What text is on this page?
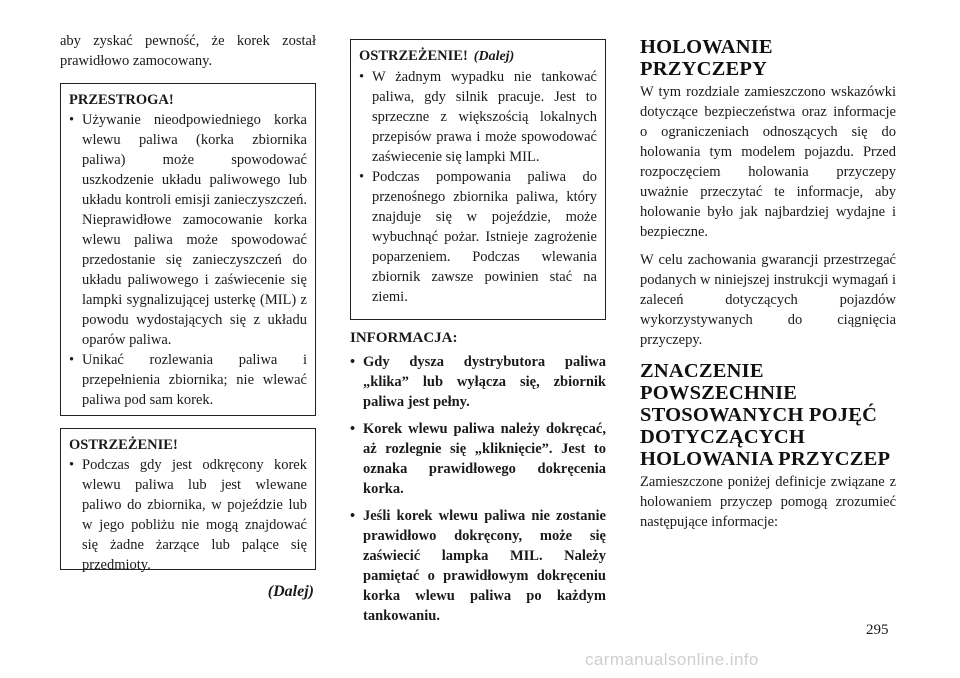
aby zyskać pewność, że korek został prawidłowo zamocowany.

PRZESTROGA!
• Używanie nieodpowiedniego korka wlewu paliwa (korka zbiornika paliwa) może spowodować uszkodzenie układu paliwowego lub układu kontroli emisji zanieczyszczeń. Nieprawidłowe zamocowanie korka wlewu paliwa może spowodować przedostanie się zanieczyszczeń do układu paliwowego i zaświecenie się lampki sygnalizującej usterkę (MIL) z powodu wydostających się z układu oparów paliwa.
• Unikać rozlewania paliwa i przepełnienia zbiornika; nie wlewać paliwa pod sam korek.
OSTRZEŻENIE!
• Podczas gdy jest odkręcony korek wlewu paliwa lub jest wlewane paliwo do zbiornika, w pojeździe lub w jego pobliżu nie mogą znajdować się żadne żarzące lub palące się przedmioty.
(Dalej)
OSTRZEŻENIE! (Dalej)
• W żadnym wypadku nie tankować paliwa, gdy silnik pracuje. Jest to sprzeczne z większością lokalnych przepisów prawa i może spowodować zaświecenie się lampki MIL.
• Podczas pompowania paliwa do przenośnego zbiornika paliwa, który znajduje się w pojeździe, może wybuchnąć pożar. Istnieje zagrożenie poparzeniem. Podczas wlewania zbiornik zawsze powinien stać na ziemi.
INFORMACJA:
• Gdy dysza dystrybutora paliwa „klika” lub wyłącza się, zbiornik paliwa jest pełny.
• Korek wlewu paliwa należy dokręcać, aż rozlegnie się „kliknięcie”. Jest to oznaka prawidłowego dokręcenia korka.
• Jeśli korek wlewu paliwa nie zostanie prawidłowo dokręcony, może się zaświecić lampka MIL. Należy pamiętać o prawidłowym dokręceniu korka wlewu paliwa po każdym tankowaniu.
HOLOWANIE PRZYCZEPY

W tym rozdziale zamieszczono wskazówki dotyczące bezpieczeństwa oraz informacje o ograniczeniach odnoszących się do holowania tym modelem pojazdu. Przed rozpoczęciem holowania przyczepy uważnie przeczytać te informacje, aby holowanie było jak najbardziej wydajne i bezpieczne.

W celu zachowania gwarancji przestrzegać podanych w niniejszej instrukcji wymagań i zaleceń dotyczących pojazdów wykorzystywanych do ciągnięcia przyczepy.

ZNACZENIE POWSZECHNIE STOSOWANYCH POJĘĆ DOTYCZĄCYCH HOLOWANIA PRZYCZEP

Zamieszczone poniżej definicje związane z holowaniem przyczep pomogą zrozumieć następujące informacje:

295
carmanualsonline.info
